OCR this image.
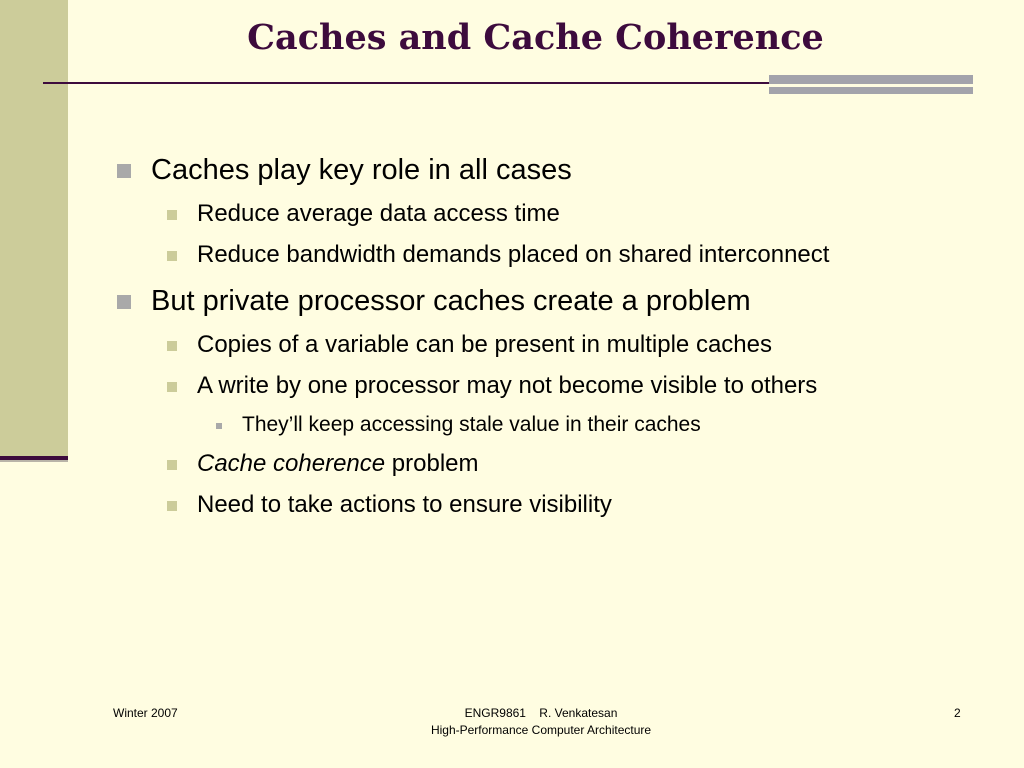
Caches and Cache Coherence
Caches play key role in all cases
Reduce average data access time
Reduce bandwidth demands placed on shared interconnect
But private processor caches create a problem
Copies of a variable can be present in multiple caches
A write by one processor may not become visible to others
They’ll keep accessing stale value in their caches
Cache coherence problem
Need to take actions to ensure visibility
Winter 2007	ENGR9861    R. Venkatesan
High-Performance Computer Architecture
2
